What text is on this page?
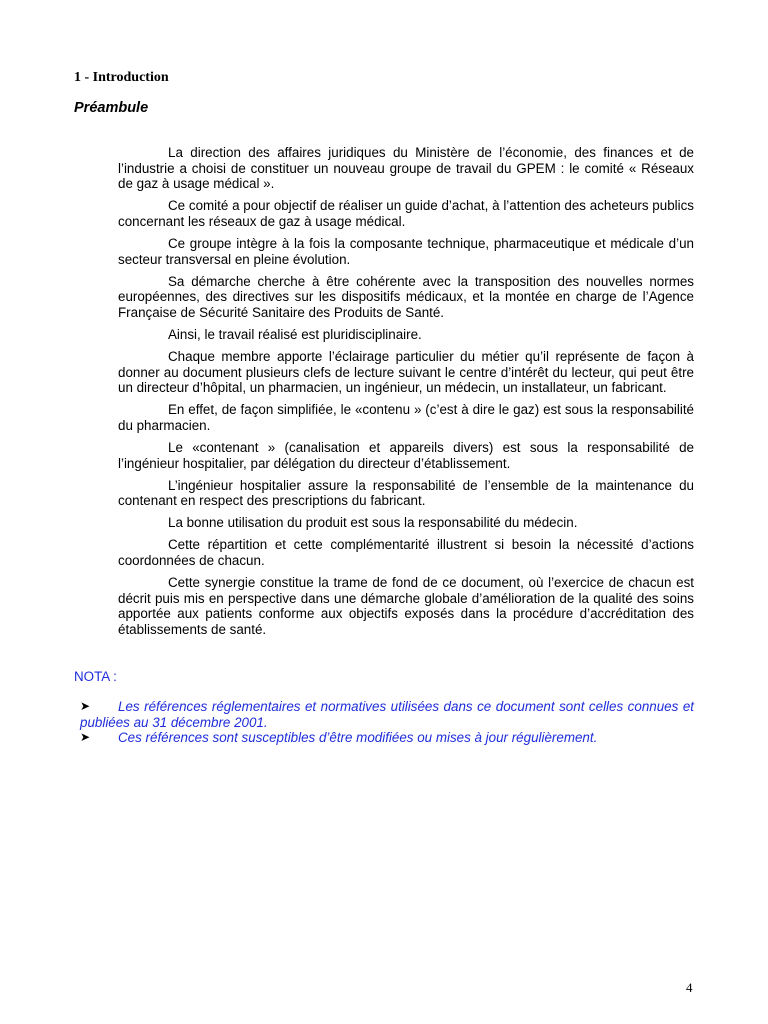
1 - Introduction
Préambule

La direction des affaires juridiques du Ministère de l’économie, des finances et de l’industrie a choisi de constituer un nouveau groupe de travail du GPEM : le comité « Réseaux de gaz à usage médical ».

Ce comité a pour objectif de réaliser un guide d’achat, à l’attention des acheteurs publics concernant les réseaux de gaz à usage médical.

Ce groupe intègre à la fois la composante technique, pharmaceutique et médicale d’un secteur transversal en pleine évolution.

Sa démarche cherche à être cohérente avec la transposition des nouvelles normes européennes, des directives sur les dispositifs médicaux, et la montée en charge de l’Agence Française de Sécurité Sanitaire des Produits de Santé.

Ainsi, le travail réalisé est pluridisciplinaire.

Chaque membre apporte l’éclairage particulier du métier qu’il représente de façon à donner au document plusieurs clefs de lecture suivant le centre d’intérêt du lecteur, qui peut être un directeur d’hôpital, un pharmacien, un ingénieur, un médecin, un installateur, un fabricant.

En effet, de façon simplifiée, le «contenu » (c’est à dire le gaz) est sous la responsabilité du pharmacien.

Le «contenant » (canalisation et appareils divers) est sous la responsabilité de l’ingénieur hospitalier, par délégation du directeur d’établissement.

L’ingénieur hospitalier assure la responsabilité de l’ensemble de la maintenance du contenant en respect des prescriptions du fabricant.

La bonne utilisation du produit est sous la responsabilité du médecin.

Cette répartition et cette complémentarité illustrent si besoin la nécessité d’actions coordonnées de chacun.

Cette synergie constitue la trame de fond de ce document, où l’exercice de chacun est décrit puis mis en perspective dans une démarche globale d’amélioration de la qualité des soins apportée aux patients conforme aux objectifs exposés dans la procédure d’accréditation des établissements de santé.

NOTA :

➤	Les références réglementaires et normatives utilisées dans ce document sont celles connues et publiées au 31 décembre 2001.
➤ Ces références sont susceptibles d’être modifiées ou mises à jour régulièrement.

4
